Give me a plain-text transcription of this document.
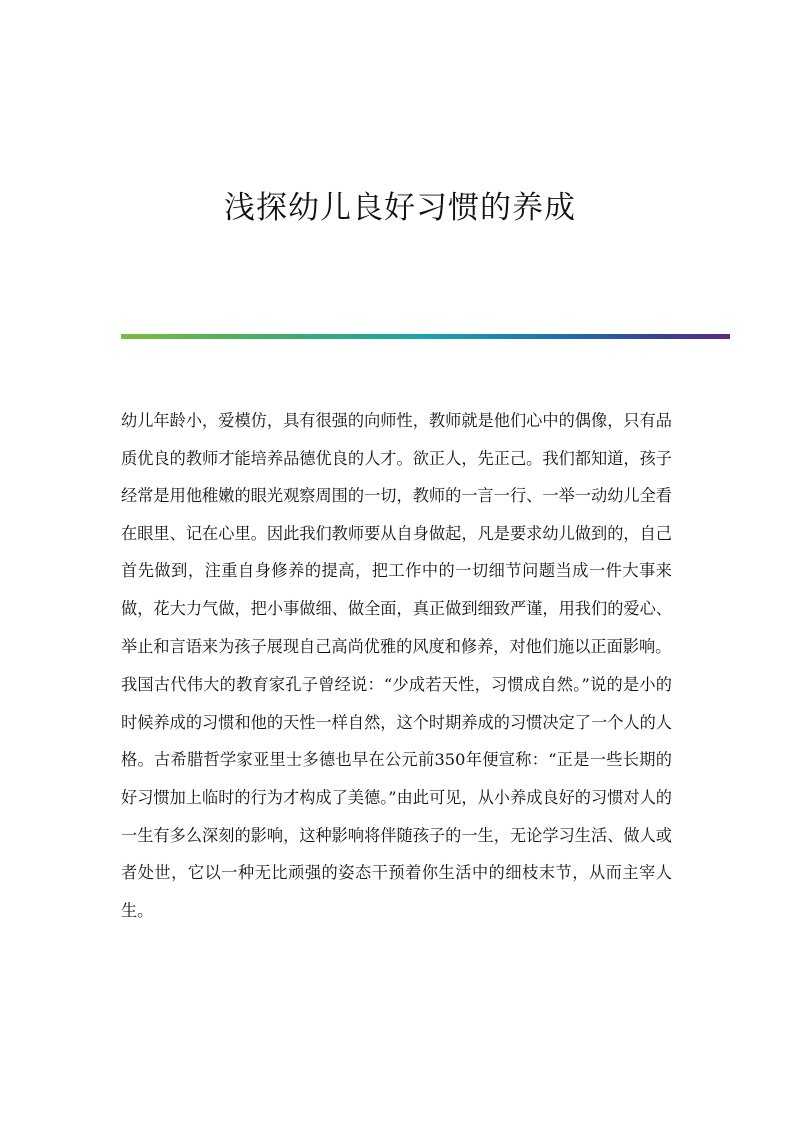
浅探幼儿良好习惯的养成

幼儿年龄小，爱模仿，具有很强的向师性，教师就是他们心中的偶像，只有品质优良的教师才能培养品德优良的人才。欲正人，先正己。我们都知道，孩子经常是用他稚嫩的眼光观察周围的一切，教师的一言一行、一举一动幼儿全看在眼里、记在心里。因此我们教师要从自身做起，凡是要求幼儿做到的，自己首先做到，注重自身修养的提高，把工作中的一切细节问题当成一件大事来做，花大力气做，把小事做细、做全面，真正做到细致严谨，用我们的爱心、举止和言语来为孩子展现自己高尚优雅的风度和修养，对他们施以正面影响。

我国古代伟大的教育家孔子曾经说：“少成若天性，习惯成自然。”说的是小的时候养成的习惯和他的天性一样自然，这个时期养成的习惯决定了一个人的人格。古希腊哲学家亚里士多德也早在公元前350年便宣称：“正是一些长期的好习惯加上临时的行为才构成了美德。”由此可见，从小养成良好的习惯对人的一生有多么深刻的影响，这种影响将伴随孩子的一生，无论学习生活、做人或者处世，它以一种无比顽强的姿态干预着你生活中的细枝末节，从而主宰人生。
